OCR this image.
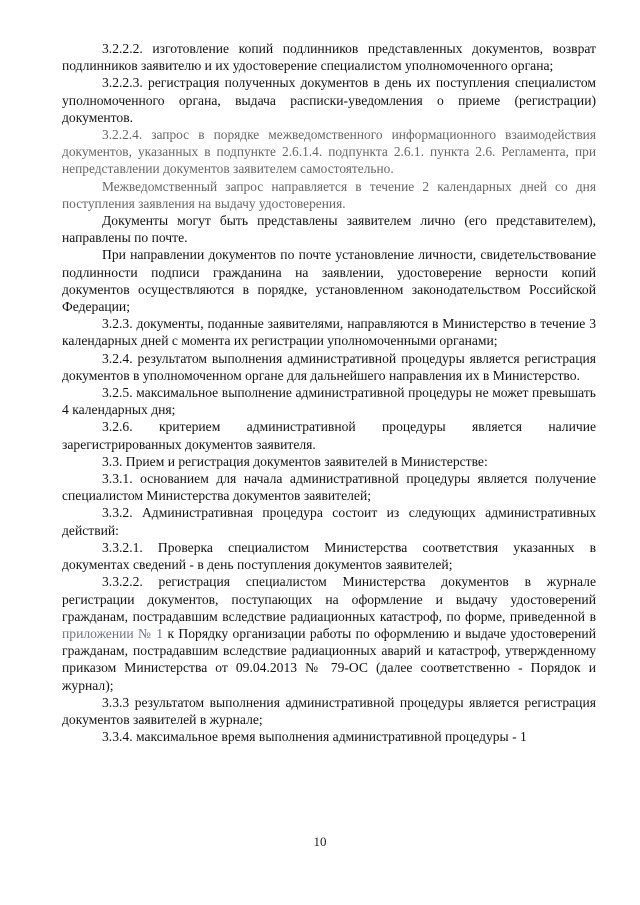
3.2.2.2. изготовление копий подлинников представленных документов, возврат подлинников заявителю и их удостоверение специалистом уполномоченного органа;

3.2.2.3. регистрация полученных документов в день их поступления специалистом уполномоченного органа, выдача расписки-уведомления о приеме (регистрации) документов.

3.2.2.4. запрос в порядке межведомственного информационного взаимодействия документов, указанных в подпункте 2.6.1.4. подпункта 2.6.1. пункта 2.6. Регламента, при непредставлении документов заявителем самостоятельно.

Межведомственный запрос направляется в течение 2 календарных дней со дня поступления заявления на выдачу удостоверения.

Документы могут быть представлены заявителем лично (его представителем), направлены по почте.

При направлении документов по почте установление личности, свидетельствование подлинности подписи гражданина на заявлении, удостоверение верности копий документов осуществляются в порядке, установленном законодательством Российской Федерации;

3.2.3. документы, поданные заявителями, направляются в Министерство в течение 3 календарных дней с момента их регистрации уполномоченными органами;

3.2.4. результатом выполнения административной процедуры является регистрация документов в уполномоченном органе для дальнейшего направления их в Министерство.

3.2.5. максимальное выполнение административной процедуры не может превышать 4 календарных дня;

3.2.6. критерием административной процедуры является наличие зарегистрированных документов заявителя.

3.3. Прием и регистрация документов заявителей в Министерстве:

3.3.1. основанием для начала административной процедуры является получение специалистом Министерства документов заявителей;

3.3.2. Административная процедура состоит из следующих административных действий:

3.3.2.1. Проверка специалистом Министерства соответствия указанных в документах сведений - в день поступления документов заявителей;

3.3.2.2. регистрация специалистом Министерства документов в журнале регистрации документов, поступающих на оформление и выдачу удостоверений гражданам, пострадавшим вследствие радиационных катастроф, по форме, приведенной в приложении № 1 к Порядку организации работы по оформлению и выдаче удостоверений гражданам, пострадавшим вследствие радиационных аварий и катастроф, утвержденному приказом Министерства от 09.04.2013 № 79-ОС (далее соответственно - Порядок и журнал);

3.3.3 результатом выполнения административной процедуры является регистрация документов заявителей в журнале;

3.3.4. максимальное время выполнения административной процедуры - 1

10
